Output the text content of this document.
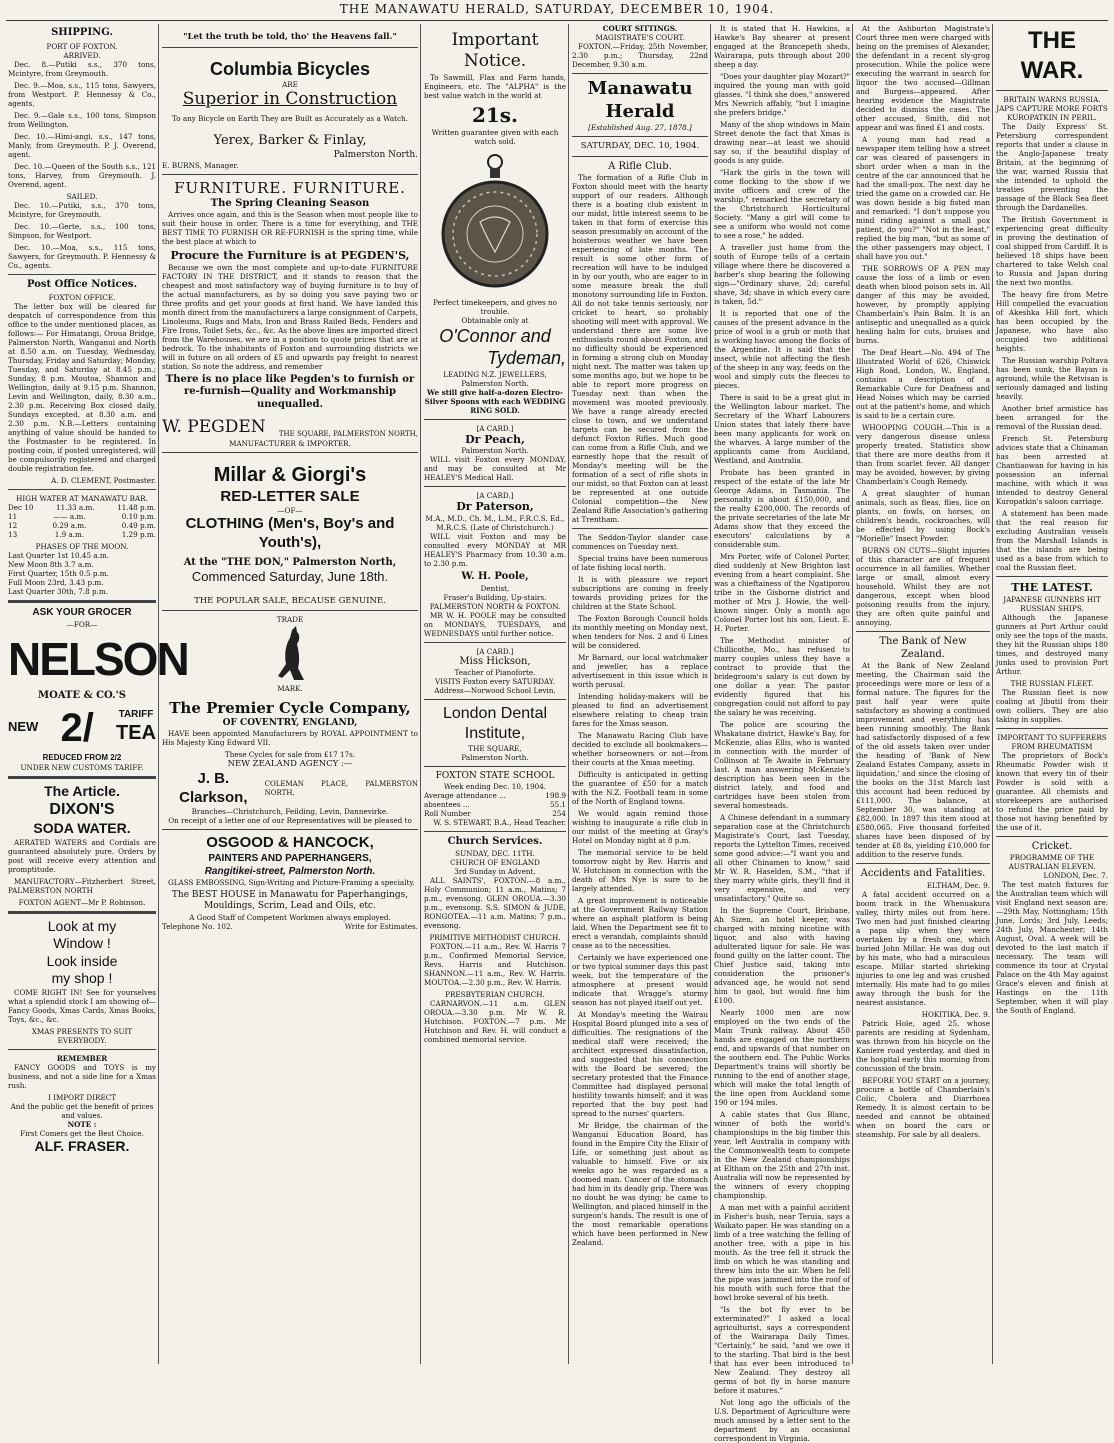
THE MANAWATU HERALD, SATURDAY, DECEMBER 10, 1904.
SHIPPING.
PORT OF FOXTON.
ARRIVED.

Dec. 8.—Putiki s.s., 370 tons, Mcintyre, from Greymouth.

Dec. 9.—Moa, s.s., 115 tons, Sawyers, from Westport. P. Hennessy & Co., agents.

Dec. 9.—Gale s.s., 100 tons, Simpson from Wellington.

Dec. 10.—Himi-angi, s.s., 147 tons, Manly, from Greymouth. P. J. Overend, agent.

Dec. 10.—Queen of the South s.s., 121 tons, Harvey, from Greymouth. J. Overend, agent.

SAILED.

Dec. 10.—Putiki, s.s., 370 tons, Mcintyre, for Greymouth.

Dec. 10.—Gerte, s.s., 100 tons, Simpson, for Westport.

Dec. 10.—Moa, s.s., 115 tons, Sawyers, for Greymouth. P. Hennessy & Co., agents.

Post Office Notices.
FOXTON OFFICE.

The letter box will be cleared for despatch of correspondence from this office to the under mentioned places, as follows:— For Himatangi, Oroua Bridge, Palmerston North, Wanganui and North at 8.50 a.m. on Tuesday, Wednesday, Thursday, Friday and Saturday; Monday, Tuesday, and Saturday at 8.45 p.m.; Sunday, 8 p.m. Moutoa, Shannon and Wellington, daily at 9.15 p.m. Shannon, Levin and Wellington, daily, 8.30 a.m., 2.30 p.m. Receiving Box closed daily, Sundays excepted, at 8.30 a.m. and 2.30 p.m. N.B.—Letters containing anything of value should be handed to the Postmaster to be registered. In posting coin, if posted unregistered, will be compulsorily registered and charged double registration fee.

A. D. CLEMENT, Postmaster.
HIGH WATER AT MANAWATU BAR.
Dec 10	11.33 a.m.	11.48 p.m.
11	—— a.m.	0.10 p.m.
12	0.29 a.m.	0.49 p.m.
13	1.9 a.m.	1.29 p.m.
PHASES OF THE MOON.
Last Quarter 1st 10.45 a.m.
New Moon 8th 3.7 a.m.
First Quarter, 15th 0.5 p.m.
Full Moon 23rd, 3.43 p.m.
Last Quarter 30th, 7.8 p.m.
ASK YOUR GROCER
—FOR—
NELSON
MOATE & CO.'S
NEW 2/ TARIFF
TEA
REDUCED FROM 2/2
UNDER NEW CUSTOMS TARIFF.
The Article.
DIXON'S
SODA WATER.

AERATED WATERS and Cordials are guaranteed absolutely pure. Orders by post will receive every attention and promptitude.

MANUFACTORY—Fitzherbert Street, PALMERSTON NORTH

FOXTON AGENT—Mr P. Robinson.
Look at my
Window !
Look inside
my shop !

COME RIGHT IN! See for yourselves what a splendid stock I am showing of— Fancy Goods, Xmas Cards, Xmas Books, Toys, &c., &c.

XMAS PRESENTS TO SUIT EVERYBODY.
REMEMBER

FANCY GOODS and TOYS is my business, and not a side line for a Xmas rush.

I IMPORT DIRECT
And the public get the benefit of prices and values.
NOTE :
First Comers get the Best Choice.
ALF. FRASER.
"Let the truth be told, tho' the Heavens fall."
Columbia Bicycles
ARE
Superior in Construction
To any Bicycle on Earth They are Built as Accurately as a Watch.
Yerex, Barker & Finlay,
Palmerston North.
E. BURNS, Manager.
FURNITURE. FURNITURE.
The Spring Cleaning Season

Arrives once again, and this is the Season when most people like to suit their house in order. There is a time for everything, and THE BEST TIME TO FURNISH OR RE-FURNISH is the spring time, while the best place at which to

Procure the Furniture is at PEGDEN'S,

Because we own the most complete and up-to-date FURNITURE FACTORY IN THE DISTRICT, and it stands to reason that the cheapest and most satisfactory way of buying furniture is to buy of the actual manufacturers, as by so doing you save paying two or three profits and get your goods at first hand. We have landed this month direct from the manufacturers a large consignment of Carpets, Linoleums, Rugs and Mats, Iron and Brass Railed Beds, Fenders and Fire Irons, Toilet Sets, &c., &c. As the above lines are imported direct from the Warehouses, we are in a position to quote prices that are at bedrock. To the inhabitants of Foxton and surrounding districts we will in future on all orders of £5 and upwards pay freight to nearest station. So note the address, and remember

There is no place like Pegden's to furnish or re-furnish—Quality and Workmanship unequalled.
W. PEGDEN THE SQUARE, PALMERSTON NORTH,
MANUFACTURER & IMPORTER.
Millar & Giorgi's
RED-LETTER SALE
—OF—
CLOTHING (Men's, Boy's and
Youth's),
At the "THE DON," Palmerston North,
Commenced Saturday, June 18th.
THE POPULAR SALE, BECAUSE GENUINE.
TRADE
MARK.
The Premier Cycle Company,
OF COVENTRY, ENGLAND,

HAVE been appointed Manufacturers by ROYAL APPOINTMENT to His Majesty King Edward VII.

These Cycles for sale from £17 17s.
NEW ZEALAND AGENCY :—
J. B. Clarkson,
COLEMAN PLACE, PALMERSTON NORTH,
Branches—Christchurch, Feilding, Levin, Dannevirke.
On receipt of a letter one of our Representatives will be pleased to
OSGOOD & HANCOCK,
PAINTERS AND PAPERHANGERS,
Rangitikei-street, Palmerston North.

GLASS EMBOSSING, Sign-Writing and Picture-Framing a specialty.

The BEST HOUSE in Manawatu for Paperhangings, Mouldings, Scrim, Lead and Oils, etc.
A Good Staff of Competent Workmen always employed.
Telephone No. 102.	Write for Estimates.
Important Notice.

To Sawmill, Flax and Farm hands, Engineers, etc. The "ALPHA" is the best value watch in the world at

21s.
Written guarantee given with each watch sold.
Perfect timekeepers, and gives no trouble.
Obtainable only at
O'Connor and
Tydeman,
LEADING N.Z. JEWELLERS,
Palmerston North.
We still give half-a-dozen Electro-Silver Spoons with each WEDDING RING SOLD.
[A CARD.]
Dr Peach,
Palmerston North.

WILL visit Foxton every MONDAY, and may be consulted at Mr HEALEY'S Medical Hall.

[A CARD.]
Dr Paterson,
M.A., M.D., Ch. M., L.M., F.R.C.S. Ed., M.R.C.S. (Late of Christchurch.)

WILL visit Foxton and may be consulted every MONDAY at MR HEALEY'S Pharmacy from 10.30 a.m. to 2.30 p.m.

W. H. Poole,
Dentist,
Fraser's Building, Up-stairs.
PALMERSTON NORTH & FOXTON.

MR W. H. POOLE may be consulted on MONDAYS, TUESDAYS, and WEDNESDAYS until further notice.

[A CARD.]
Miss Hickson,
Teacher of Pianoforte.
VISITS Foxton every SATURDAY.
Address—Norwood School Levin.
London Dental Institute,
THE SQUARE,
Palmerston North.
FOXTON STATE SCHOOL
Week ending Dec. 10, 1904.
Average attendance ...	198.9
absentees ...	55.1
Roll Number	254
W. S. STEWART, B.A., Head Teacher.
Church Services.
SUNDAY, DEC. 11TH.
CHURCH OF ENGLAND
3rd Sunday in Advent.

ALL SAINTS', FOXTON.—8 a.m., Holy Communion; 11 a.m., Matins; 7 p.m., evensong. GLEN OROUA.—3.30 p.m., evensong. S.S. SIMON & JUDE, RONGOTEA.—11 a.m. Matins; 7 p.m., evensong.

PRIMITIVE METHODIST CHURCH.

FOXTON.—11 a.m., Rev. W. Harris 7 p.m., Confirmed Memorial Service, Revs. Harris and Hutchison. SHANNON.—11 a.m., Rev. W. Harris. MOUTOA.—2.30 p.m., Rev. W. Harris.

PRESBYTERIAN CHURCH.

CARNARVON.—11 a.m. GLEN OROUA.—3.30 p.m. Mr W. R. Hutchison. FOXTON.—7 p.m. Mr Hutchison and Rev. H. will conduct a combined memorial service.

COURT SITTINGS.
MAGISTRATE'S COURT.

FOXTON.—Friday, 25th November, 2.30 p.m.; Thursday, 22nd December, 9.30 a.m.

Manawatu Herald
[Established Aug. 27, 1878.]
SATURDAY, DEC. 10, 1904.
A Rifle Club.

The formation of a Rifle Club in Foxton should meet with the hearty support of our readers. Although there is a boating club existent in our midst, little interest seems to be taken in that form of exercise this season presumably on account of the boisterous weather we have been experiencing of late months. The result is some other form of recreation will have to be indulged in by our youth, who are eager to in some measure break the dull monotony surrounding life in Foxton. All do not take tennis seriously, nor cricket to heart, so probably shooting will meet with approval. We understand there are some live enthusiasts round about Foxton, and no difficulty should be experienced in forming a strong club on Monday night next. The matter was taken up some months ago, but we hope to be able to report more progress on Tuesday next than when the movement was mooted previously. We have a range already erected close to town, and we understand targets can be secured from the defunct Foxton Rifles. Much good can come from a Rifle Club, and we earnestly hope that the result of Monday's meeting will be the formation of a sect of rifle shots in our midst, so that Foxton can at least be represented at one outside Colonial competition—the New Zealand Rifle Association's gathering at Trentham.

The Seddon-Taylor slander case commences on Tuesday next.

Special trains have been numerous of late fishing local north.

It is with pleasure we report subscriptions are coming in freely towards providing prizes for the children at the State School.

The Foxton Borough Council holds its monthly meeting on Monday next, when tenders for Nos. 2 and 6 Lines will be considered.

Mr Barnard, our local watchmaker and jeweller, has a replace advertisement in this issue which is worth perusal.

Intending holiday-makers will be pleased to find an advertisement elsewhere relating to cheap train fares for the Xmas season.

The Manawatu Racing Club have decided to exclude all bookmakers—whether horseowners or not—from their courts at the Xmas meeting.

Difficulty is anticipated in getting the guarantee of £50 for a match with the N.Z. Football team in some of the North of England towns.

We would again remind those wishing to inaugurate a rifle club in our midst of the meeting at Gray's Hotel on Monday night at 8 p.m.

The memorial service to be held tomorrow night by Rev. Harris and W. Hutchison in connection with the death of Mrs Nye is sure to be largely attended.

A great improvement is noticeable at the Government Railway Station where an asphalt platform is being laid. When the Department see fit to erect a verandah, complaints should cease as to the necessities.

Certainly we have experienced one or two typical summer days this past week, but the temperature of the atmosphere at present would indicate that Wragge's stormy season has not played itself out yet.

At Monday's meeting the Wairau Hospital Board plunged into a sea of difficulties. The resignations of the medical staff were received; the architect expressed dissatisfaction, and suggested that his connection with the Board be severed; the secretary protested that the Finance Committee had displayed personal hostility towards himself; and it was reported that the buy post had spread to the nurses' quarters.

Mr Bridge, the chairman of the Wanganui Education Board, has found in the Empire City the Elixir of Life, or something just about as valuable to himself. Five or six weeks ago he was regarded as a doomed man. Cancer of the stomach had him in its deadly grip. There was no doubt he was dying; he came to Wellington, and placed himself in the surgeon's hands. The result is one of the most remarkable operations which have been performed in New Zealand.

It is stated that H. Hawkins, a Hawke's Bay shearer at present engaged at the Brancepeth sheds, Wairarapa, puts through about 200 sheep a day.

"Does your daughter play Mozart?" inquired the young man with gold glasses. "I think she does," answered Mrs Newrich affably, "but I imagine she prefers bridge."

Many of the shop windows in Main Street denote the fact that Xmas is drawing near—at least we should say so, if the beautiful display of goods is any guide.

"Hark the girls in the town will come flocking to the show if we invite officers and crew of the warship," remarked the secretary of the Christchurch Horticultural Society. "Many a girl will come to see a uniform who would not come to see a rose," he added.

A traveller just home from the south of Europe tells of a certain village where there he discovered a barber's shop bearing the following sign—"Ordinary shave, 2d; careful shave, 3d; shave in which every care is taken, 5d."

It is reported that one of the causes of the present advance in the price of wool is a grub or moth that is working havoc among the flocks of the Argentine. It is said that the insect, while not affecting the flesh of the sheep in any way, feeds on the wool and simply cuts the fleeces to pieces.

There is said to be a great glut in the Wellington labour market. The Secretary of the Wharf Labourers Union states that lately there have been many applicants for work on the wharves. A large number of the applicants came from Auckland, Westland, and Australia.

Probate has been granted in respect of the estate of the late Mr George Adams, in Tasmania. The personalty is about £150,000, and the realty £200,000. The records of the private secretaries of the late Mr Adams show that they exceed the executors' calculations by a considerable sum.

Mrs Porter, wife of Colonel Porter, died suddenly at New Brighton last evening from a heart complaint. She was a chieftainess of the Ngatiporou tribe in the Gisborne district and mother of Mrs J. Howie, the well-known singer. Only a month ago Colonel Porter lost his son, Lieut. E. H. Porter.

The Methodist minister of Chillicothe, Mo., has refused to marry couples unless they have a contract to provide that the bridegroom's salary is cut down by one dollar a year. The pastor evidently figured that his congregation could not afford to pay the salary he was receiving.

The police are scouring the Whakatane district, Hawke's Bay, for McKenzie, alias Ellis, who is wanted in connection with the murder of Collinson at Te Awaite in February last. A man answering McKenzie's description has been seen in the district lately, and food and cartridges have been stolen from several homesteads.

A Chinese defendant in a summary separation case at the Christchurch Magistrate's Court, last Tuesday, reports the Lyttelton Times, received some good advice:—"I want you and all other Chinamen to know," said Mr W. R. Haselden, S.M., "that if they marry white girls, they'll find it very expensive, and very unsatisfactory." Quite so.

In the Supreme Court, Brisbane, Ah Sizen, an hotel keeper, was charged with mixing nicotine with liquor, and also with having adulterated liquor for sale. He was found guilty on the latter count. The Chief Justice said, taking into consideration the prisoner's advanced age, he would not send him to gaol, but would fine him £100.

Nearly 1000 men are now employed on the two ends of the Main Trunk railway. About 450 hands are engaged on the northern end, and upwards of that number on the southern end. The Public Works Department's trains will shortly be running to the end of another stage, which will make the total length of the line open from Auckland some 190 or 194 miles.

A cable states that Gus Blanc, winner of both the world's championships in the big timber this year, left Australia in company with the Commonwealth team to compete in the New Zealand championships at Eltham on the 25th and 27th inst. Australia will now be represented by the winners of every chopping championship.

A man met with a painful accident in Fisher's bush, near Teruia, says a Waikato paper. He was standing on a limb of a tree watching the felling of another tree, with a pipe in his mouth. As the tree fell it struck the limb on which he was standing and threw him into the air. When he fell the pipe was jammed into the roof of his mouth with such force that the bowl broke several of his teeth.

"Is the bot fly ever to be exterminated?" I asked a local agriculturist, says a correspondent of the Wairarapa Daily Times. "Certainly," he said, "and we owe it to the starling. That bird is the best that has ever been introduced to New Zealand. They destroy all germs of bot fly in horse manure before it matures."

Not long ago the officials of the U.S. Department of Agriculture were much amused by a letter sent to the department by an occasional correspondent in Virginia.

At the Ashburton Magistrate's Court three men were charged with being on the premises of Alexander, the defendant in a recent sly-grog prosecution. While the police were executing the warrant in search for liquor the two accused—Gillman and Burgess—appeared. After hearing evidence the Magistrate decided to dismiss the cases. The other accused, Smith, did not appear and was fined £1 and costs.

A young man had read a newspaper item telling how a street car was cleared of passengers in short order when a man in the centre of the car announced that he had the small-pox. The next day he tried the game on a crowded car. He was down beside a big fisted man and remarked: "I don't suppose you mind riding against a small pox patient, do you?" "Not in the least," replied the big man, "but as some of the other passengers may object, I shall have you out."

THE SORROWS OF A PEN may cause the loss of a limb or even death when blood poison sets in. All danger of this may be avoided, however, by promptly applying Chamberlain's Pain Balm. It is an antiseptic and unequalled as a quick healing balm for cuts, bruises and burns.

The Deaf Heart.—No. 494 of The Illustrated World of 626, Chiswick High Road, London, W., England, contains a description of a Remarkable Cure for Deafness and Head Noises which may be carried out at the patient's home, and which is said to be a certain cure.

WHOOPING COUGH.—This is a very dangerous disease unless properly treated. Statistics show that there are more deaths from it than from scarlet fever. All danger may be avoided, however, by giving Chamberlain's Cough Remedy.

A great slaughter of human animals, such as fleas, flies, lice on plants, on fowls, on horses, on children's heads, cockroaches, will be effected by using Bock's "Morielle" Insect Powder.

BURNS ON CUTS—Slight injuries of this character are of frequent occurrence in all families. Whether large or small, almost every household. Whilst they are not dangerous, except when blood poisoning results from the injury, they are often quite painful and annoying.

The Bank of New Zealand.

At the Bank of New Zealand meeting, the Chairman said the proceedings were more or less of a formal nature. The figures for the past half year were quite satisfactory as showing a continued improvement and everything has been running smoothly. The Bank had satisfactorily disposed of a few of the old assets taken over under the heading of 'Bank of New Zealand Estates Company, assets in liquidation,' and since the closing of the books on the 31st March last this account had been reduced by £111,000. The balance, at September 30, was standing at £82,000. In 1897 this item stood at £580,065. Five thousand forfeited shares have been disposed of by tender at £8 8s, yielding £10,000 for addition to the reserve funds.

Accidents and Fatalities.
ELTHAM, Dec. 9.

A fatal accident occurred on a boom track in the Whenuakura valley, thirty miles out from here. Two men had just finished clearing a papa slip when they were overtaken by a fresh one, which buried John Millar. He was dug out by his mate, who had a miraculous escape. Millar started shrieking injuries to one leg and was crushed internally. His mate had to go miles away through the bush for the nearest assistance.

HOKITIKA, Dec. 9.

Patrick Hole, aged 25, whose parents are residing at Sydenham, was thrown from his bicycle on the Kaniere road yesterday, and died in the hospital early this morning from concussion of the brain.

BEFORE YOU START on a journey, procure a bottle of Chamberlain's Colic, Cholera and Diarrhoea Remedy. It is almost certain to be needed and cannot be obtained when on board the cars or steamship. For sale by all dealers.

THE WAR.
BRITAIN WARNS RUSSIA.
JAPS CAPTURE MORE FORTS
KUROPATKIN IN PERIL.

The Daily Express' St. Petersburg correspondent reports that under a clause in the Anglo-Japanese treaty Britain, at the beginning of the war, warned Russia that she intended to uphold the treaties preventing the passage of the Black Sea fleet through the Dardanelles.

The British Government is experiencing great difficulty in proving the destination of coal shipped from Cardiff. It is believed 18 ships have been chartered to take Welsh coal to Russia and Japan during the next two months.

The heavy fire from Metre Hill compelled the evacuation of Akeshka Hill fort, which has been occupied by the Japanese, who have also occupied two additional heights.

The Russian warship Poltava has been sunk, the Bayan is aground, while the Retvisan is seriously damaged and listing heavily.

Another brief armistice has been arranged for the removal of the Russian dead.

French St. Petersburg advices state that a Chinaman has been arrested at Chantiaowan for having in his possession an infernal machine, with which it was intended to destroy General Kuropatkin's saloon carriage.

A statement has been made that the real reason for excluding Australian vessels from the Marshall Islands is that the islands are being used as a base from which to coal the Russian fleet.

THE LATEST.
JAPANESE GUNNERS HIT RUSSIAN SHIPS.

Although the Japanese gunners at Port Arthur could only see the tops of the masts, they hit the Russian ships 180 times, and destroyed many junks used to provision Port Arthur.

THE RUSSIAN FLEET.

The Russian fleet is now coaling at Jibutil from their own colliers. They are also taking in supplies.

IMPORTANT TO SUFFERERS FROM RHEUMATISM

The proprietors of Bock's Rheumatic Powder wish it known that every tin of their Powder is sold with a guarantee. All chemists and storekeepers are authorised to refund the price paid by those not having benefited by the use of it.

Cricket.
PROGRAMME OF THE AUSTRALIAN ELEVEN.
LONDON, Dec. 7.

The test match fixtures for the Australian team which will visit England next season are:—29th May, Nottingham; 15th June, Lords; 3rd July, Leeds; 24th July, Manchester; 14th August, Oval. A week will be devoted to the last match if necessary. The team will commence its tour at Crystal Palace on the 4th May against Grace's eleven and finish at Hastings on the 11th September, when it will play the South of England.
